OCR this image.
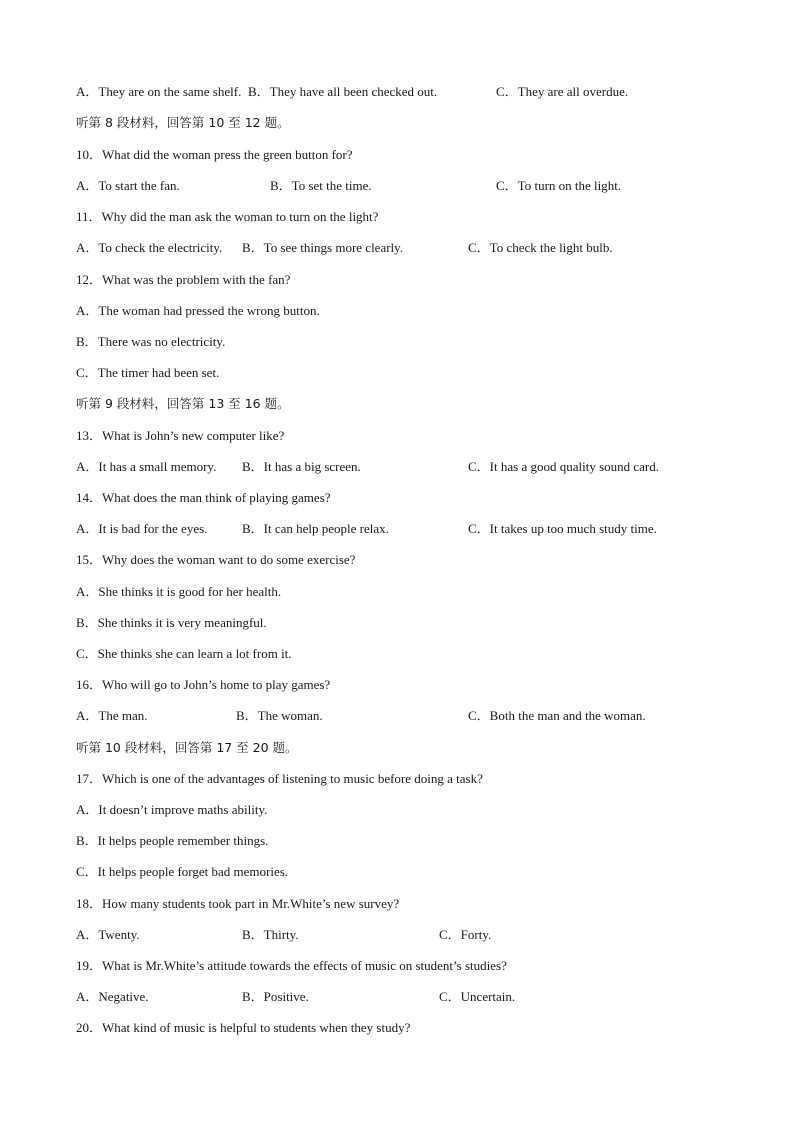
A．They are on the same shelf. B．They have all been checked out.	C．They are all overdue.
听第 8 段材料，回答第 10 至 12 题。
10．What did the woman press the green button for?
A．To start the fan.	B．To set the time.	C．To turn on the light.
11．Why did the man ask the woman to turn on the light?
A．To check the electricity. B．To see things more clearly.	C．To check the light bulb.
12．What was the problem with the fan?
A．The woman had pressed the wrong button.
B．There was no electricity.
C．The timer had been set.
听第 9 段材料，回答第 13 至 16 题。
13．What is John’s new computer like?
A．It has a small memory. B．It has a big screen.	C．It has a good quality sound card.
14．What does the man think of playing games?
A．It is bad for the eyes.	B．It can help people relax.	C．It takes up too much study time.
15．Why does the woman want to do some exercise?
A．She thinks it is good for her health.
B．She thinks it is very meaningful.
C．She thinks she can learn a lot from it.
16．Who will go to John’s home to play games?
A．The man.	B．The woman.	C．Both the man and the woman.
听第 10 段材料，回答第 17 至 20 题。
17．Which is one of the advantages of listening to music before doing a task?
A．It doesn’t improve maths ability.
B．It helps people remember things.
C．It helps people forget bad memories.
18．How many students took part in Mr.White’s new survey?
A．Twenty.	B．Thirty.	C．Forty.
19．What is Mr.White’s attitude towards the effects of music on student’s studies?
A．Negative.	B．Positive.	C．Uncertain.
20．What kind of music is helpful to students when they study?
